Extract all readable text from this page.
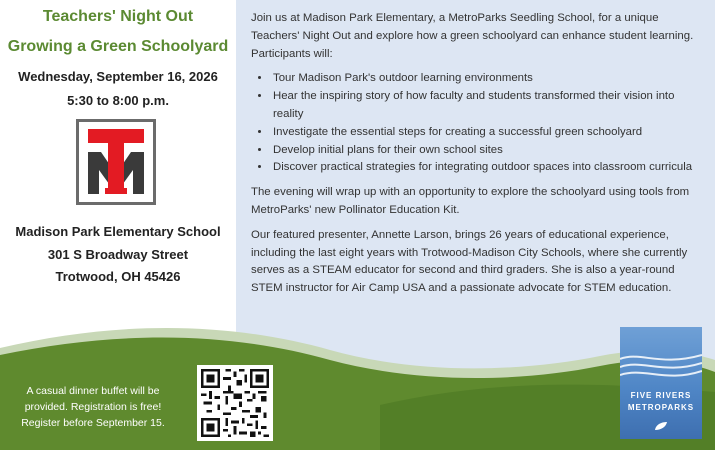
Teachers' Night Out
Growing a Green Schoolyard
Wednesday, September 16, 2026
5:30 to 8:00 p.m.
Madison Park Elementary School
301 S Broadway Street
Trotwood, OH 45426

Join us at Madison Park Elementary, a MetroParks Seedling School, for a unique Teachers' Night Out and explore how a green schoolyard can enhance student learning. Participants will:

• Tour Madison Park's outdoor learning environments
• Hear the inspiring story of how faculty and students transformed their vision into reality
• Investigate the essential steps for creating a successful green schoolyard
• Develop initial plans for their own school sites
• Discover practical strategies for integrating outdoor spaces into classroom curricula

The evening will wrap up with an opportunity to explore the schoolyard using tools from MetroParks' new Pollinator Education Kit.

Our featured presenter, Annette Larson, brings 26 years of educational experience, including the last eight years with Trotwood-Madison City Schools, where she currently serves as a STEAM educator for second and third graders. She is also a year-round STEM instructor for Air Camp USA and a passionate advocate for STEM education.

A casual dinner buffet will be provided. Registration is free! Register before September 15.
FIVE RIVERS
METROPARKS
